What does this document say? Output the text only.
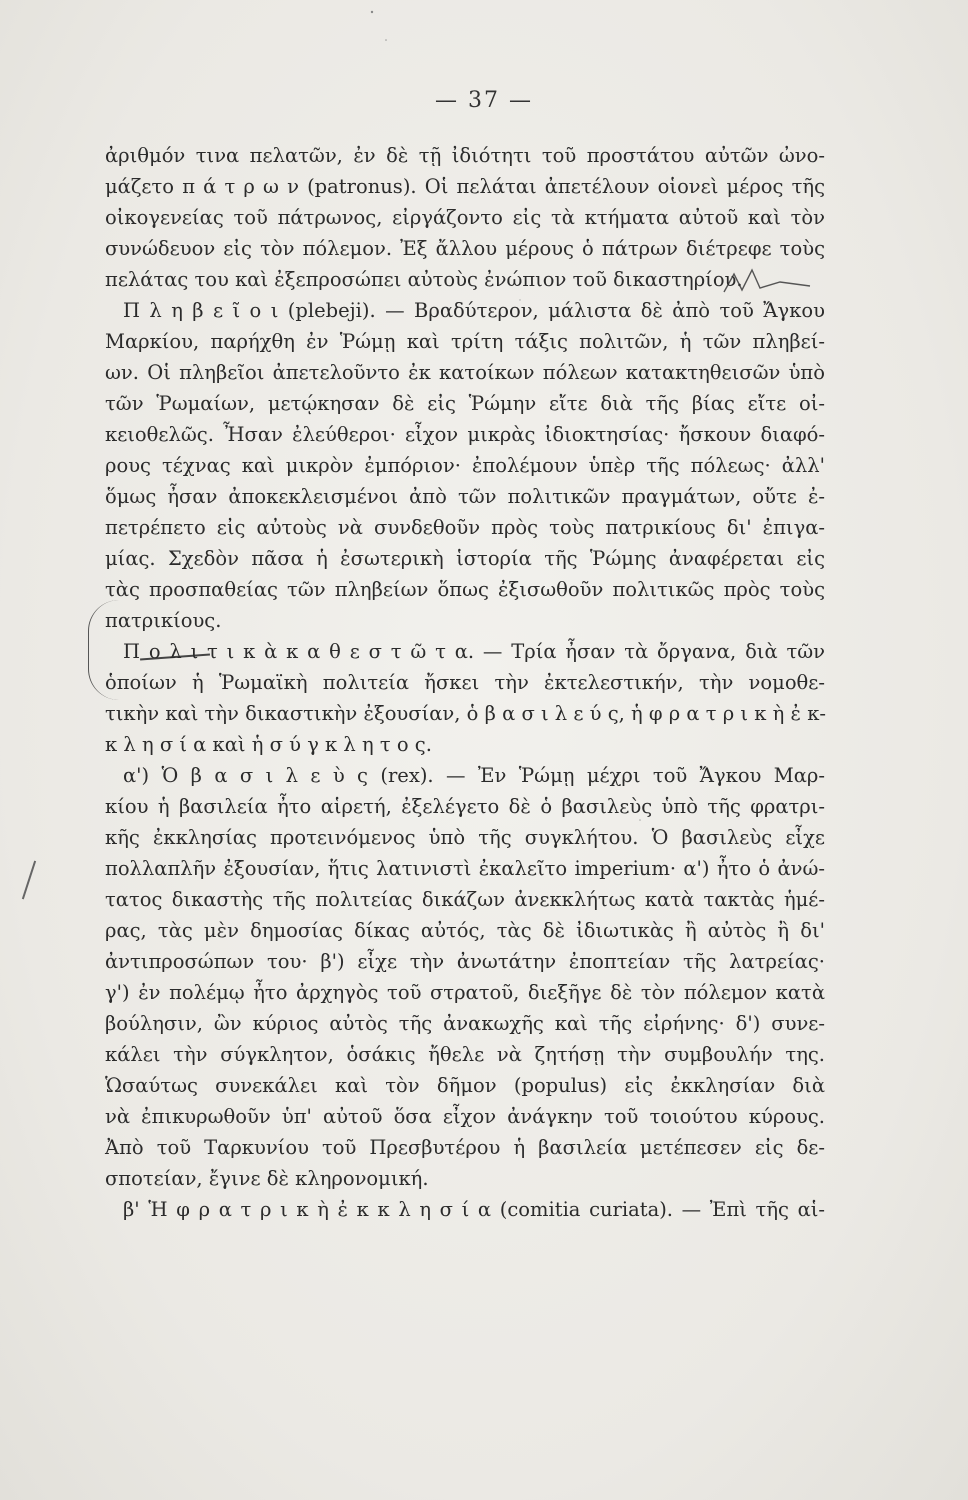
— 37 —
ἀριθμόν τινα πελατῶν, ἐν δὲ τῇ ἰδιότητι τοῦ προστάτου αὐτῶν ὠνο-
μάζετο π ά τ ρ ω ν (patronus). Οἱ πελάται ἀπετέλουν οἱονεὶ μέρος τῆς
οἰκογενείας τοῦ πάτρωνος, εἰργάζοντο εἰς τὰ κτήματα αὐτοῦ καὶ τὸν
συνώδευον εἰς τὸν πόλεμον. Ἐξ ἄλλου μέρους ὁ πάτρων διέτρεφε τοὺς
πελάτας του καὶ ἐξεπροσώπει αὐτοὺς ἐνώπιον τοῦ δικαστηρίου.
Π λ η β ε ῖ ο ι (plebeji). — Βραδύτερον, μάλιστα δὲ ἀπὸ τοῦ Ἄγκου
Μαρκίου, παρήχθη ἐν Ῥώμῃ καὶ τρίτη τάξις πολιτῶν, ἡ τῶν πληβεί-
ων. Οἱ πληβεῖοι ἀπετελοῦντο ἐκ κατοίκων πόλεων κατακτηθεισῶν ὑπὸ
τῶν Ῥωμαίων, μετῴκησαν δὲ εἰς Ῥώμην εἴτε διὰ τῆς βίας εἴτε οἰ-
κειοθελῶς. Ἦσαν ἐλεύθεροι· εἶχον μικρὰς ἰδιοκτησίας· ἤσκουν διαφό-
ρους τέχνας καὶ μικρὸν ἐμπόριον· ἐπολέμουν ὑπὲρ τῆς πόλεως· ἀλλ'
ὅμως ἦσαν ἀποκεκλεισμένοι ἀπὸ τῶν πολιτικῶν πραγμάτων, οὔτε ἐ-
πετρέπετο εἰς αὐτοὺς νὰ συνδεθοῦν πρὸς τοὺς πατρικίους δι' ἐπιγα-
μίας. Σχεδὸν πᾶσα ἡ ἐσωτερικὴ ἱστορία τῆς Ῥώμης ἀναφέρεται εἰς
τὰς προσπαθείας τῶν πληβείων ὅπως ἐξισωθοῦν πολιτικῶς πρὸς τοὺς
πατρικίους.
Π ο λ ι τ ι κ ὰ κ α θ ε σ τ ῶ τ α. — Τρία ἦσαν τὰ ὄργανα, διὰ τῶν
ὁποίων ἡ Ῥωμαϊκὴ πολιτεία ἤσκει τὴν ἐκτελεστικήν, τὴν νομοθε-
τικὴν καὶ τὴν δικαστικὴν ἐξουσίαν, ὁ β α σ ι λ ε ύ ς, ἡ φ ρ α τ ρ ι κ ὴ ἐ κ-
κ λ η σ ί α καὶ ἡ σ ύ γ κ λ η τ ο ς.
α') Ὁ β α σ ι λ ε ὺ ς (rex). — Ἐν Ῥώμῃ μέχρι τοῦ Ἄγκου Μαρ-
κίου ἡ βασιλεία ἦτο αἱρετή, ἐξελέγετο δὲ ὁ βασιλεὺς ὑπὸ τῆς φρατρι-
κῆς ἐκκλησίας προτεινόμενος ὑπὸ τῆς συγκλήτου. Ὁ βασιλεὺς εἶχε
πολλαπλῆν ἐξουσίαν, ἥτις λατινιστὶ ἐκαλεῖτο imperium· α') ἦτο ὁ ἀνώ-
τατος δικαστὴς τῆς πολιτείας δικάζων ἀνεκκλήτως κατὰ τακτὰς ἡμέ-
ρας, τὰς μὲν δημοσίας δίκας αὐτός, τὰς δὲ ἰδιωτικὰς ἢ αὐτὸς ἢ δι'
ἀντιπροσώπων του· β') εἶχε τὴν ἀνωτάτην ἐποπτείαν τῆς λατρείας·
γ') ἐν πολέμῳ ἦτο ἀρχηγὸς τοῦ στρατοῦ, διεξῆγε δὲ τὸν πόλεμον κατὰ
βούλησιν, ὢν κύριος αὐτὸς τῆς ἀνακωχῆς καὶ τῆς εἰρήνης· δ') συνε-
κάλει τὴν σύγκλητον, ὁσάκις ἤθελε νὰ ζητήσῃ τὴν συμβουλήν της.
Ὡσαύτως συνεκάλει καὶ τὸν δῆμον (populus) εἰς ἐκκλησίαν διὰ
νὰ ἐπικυρωθοῦν ὑπ' αὐτοῦ ὅσα εἶχον ἀνάγκην τοῦ τοιούτου κύρους.
Ἀπὸ τοῦ Ταρκυνίου τοῦ Πρεσβυτέρου ἡ βασιλεία μετέπεσεν εἰς δε-
σποτείαν, ἔγινε δὲ κληρονομική.
β' Ἡ φ ρ α τ ρ ι κ ὴ ἐ κ κ λ η σ ί α (comitia curiata). — Ἐπὶ τῆς αἱ-
